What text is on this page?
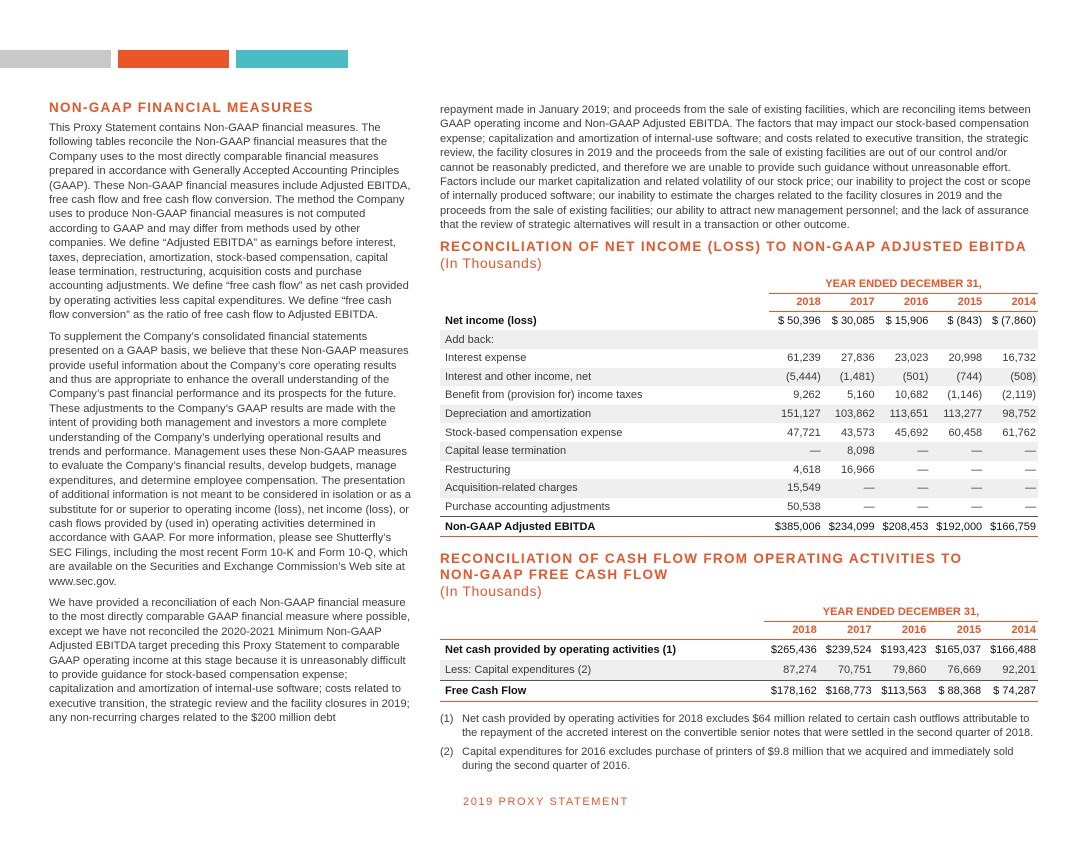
NON-GAAP FINANCIAL MEASURES

This Proxy Statement contains Non-GAAP financial measures. The following tables reconcile the Non-GAAP financial measures that the Company uses to the most directly comparable financial measures prepared in accordance with Generally Accepted Accounting Principles (GAAP). These Non-GAAP financial measures include Adjusted EBITDA, free cash flow and free cash flow conversion. The method the Company uses to produce Non-GAAP financial measures is not computed according to GAAP and may differ from methods used by other companies. We define “Adjusted EBITDA” as earnings before interest, taxes, depreciation, amortization, stock-based compensation, capital lease termination, restructuring, acquisition costs and purchase accounting adjustments. We define “free cash flow” as net cash provided by operating activities less capital expenditures. We define “free cash flow conversion” as the ratio of free cash flow to Adjusted EBITDA.

To supplement the Company’s consolidated financial statements presented on a GAAP basis, we believe that these Non-GAAP measures provide useful information about the Company’s core operating results and thus are appropriate to enhance the overall understanding of the Company’s past financial performance and its prospects for the future. These adjustments to the Company’s GAAP results are made with the intent of providing both management and investors a more complete understanding of the Company’s underlying operational results and trends and performance. Management uses these Non-GAAP measures to evaluate the Company’s financial results, develop budgets, manage expenditures, and determine employee compensation. The presentation of additional information is not meant to be considered in isolation or as a substitute for or superior to operating income (loss), net income (loss), or cash flows provided by (used in) operating activities determined in accordance with GAAP. For more information, please see Shutterfly’s SEC Filings, including the most recent Form 10-K and Form 10-Q, which are available on the Securities and Exchange Commission’s Web site at www.sec.gov.

We have provided a reconciliation of each Non-GAAP financial measure to the most directly comparable GAAP financial measure where possible, except we have not reconciled the 2020-2021 Minimum Non-GAAP Adjusted EBITDA target preceding this Proxy Statement to comparable GAAP operating income at this stage because it is unreasonably difficult to provide guidance for stock-based compensation expense; capitalization and amortization of internal-use software; costs related to executive transition, the strategic review and the facility closures in 2019; any non-recurring charges related to the $200 million debt

repayment made in January 2019; and proceeds from the sale of existing facilities, which are reconciling items between GAAP operating income and Non-GAAP Adjusted EBITDA. The factors that may impact our stock-based compensation expense; capitalization and amortization of internal-use software; and costs related to executive transition, the strategic review, the facility closures in 2019 and the proceeds from the sale of existing facilities are out of our control and/or cannot be reasonably predicted, and therefore we are unable to provide such guidance without unreasonable effort. Factors include our market capitalization and related volatility of our stock price; our inability to project the cost or scope of internally produced software; our inability to estimate the charges related to the facility closures in 2019 and the proceeds from the sale of existing facilities; our ability to attract new management personnel; and the lack of assurance that the review of strategic alternatives will result in a transaction or other outcome.

RECONCILIATION OF NET INCOME (LOSS) TO NON-GAAP ADJUSTED EBITDA
(In Thousands)
	YEAR ENDED DECEMBER 31,				
	2018	2017	2016	2015	2014
Net income (loss)	$ 50,396	$ 30,085	$ 15,906	$ (843)	$ (7,860)
Add back:					
Interest expense	61,239	27,836	23,023	20,998	16,732
Interest and other income, net	(5,444)	(1,481)	(501)	(744)	(508)
Benefit from (provision for) income taxes	9,262	5,160	10,682	(1,146)	(2,119)
Depreciation and amortization	151,127	103,862	113,651	113,277	98,752
Stock-based compensation expense	47,721	43,573	45,692	60,458	61,762
Capital lease termination	—	8,098	—	—	—
Restructuring	4,618	16,966	—	—	—
Acquisition-related charges	15,549	—	—	—	—
Purchase accounting adjustments	50,538	—	—	—	—
Non-GAAP Adjusted EBITDA	$385,006	$234,099	$208,453	$192,000	$166,759
RECONCILIATION OF CASH FLOW FROM OPERATING ACTIVITIES TO
NON-GAAP FREE CASH FLOW
(In Thousands)
	YEAR ENDED DECEMBER 31,				
	2018	2017	2016	2015	2014
Net cash provided by operating activities (1)	$265,436	$239,524	$193,423	$165,037	$166,488
Less: Capital expenditures (2)	87,274	70,751	79,860	76,669	92,201
Free Cash Flow	$178,162	$168,773	$113,563	$ 88,368	$ 74,287
(1) Net cash provided by operating activities for 2018 excludes $64 million related to certain cash outflows attributable to the repayment of the accreted interest on the convertible senior notes that were settled in the second quarter of 2018.
(2) Capital expenditures for 2016 excludes purchase of printers of $9.8 million that we acquired and immediately sold during the second quarter of 2016.
2019 PROXY STATEMENT
